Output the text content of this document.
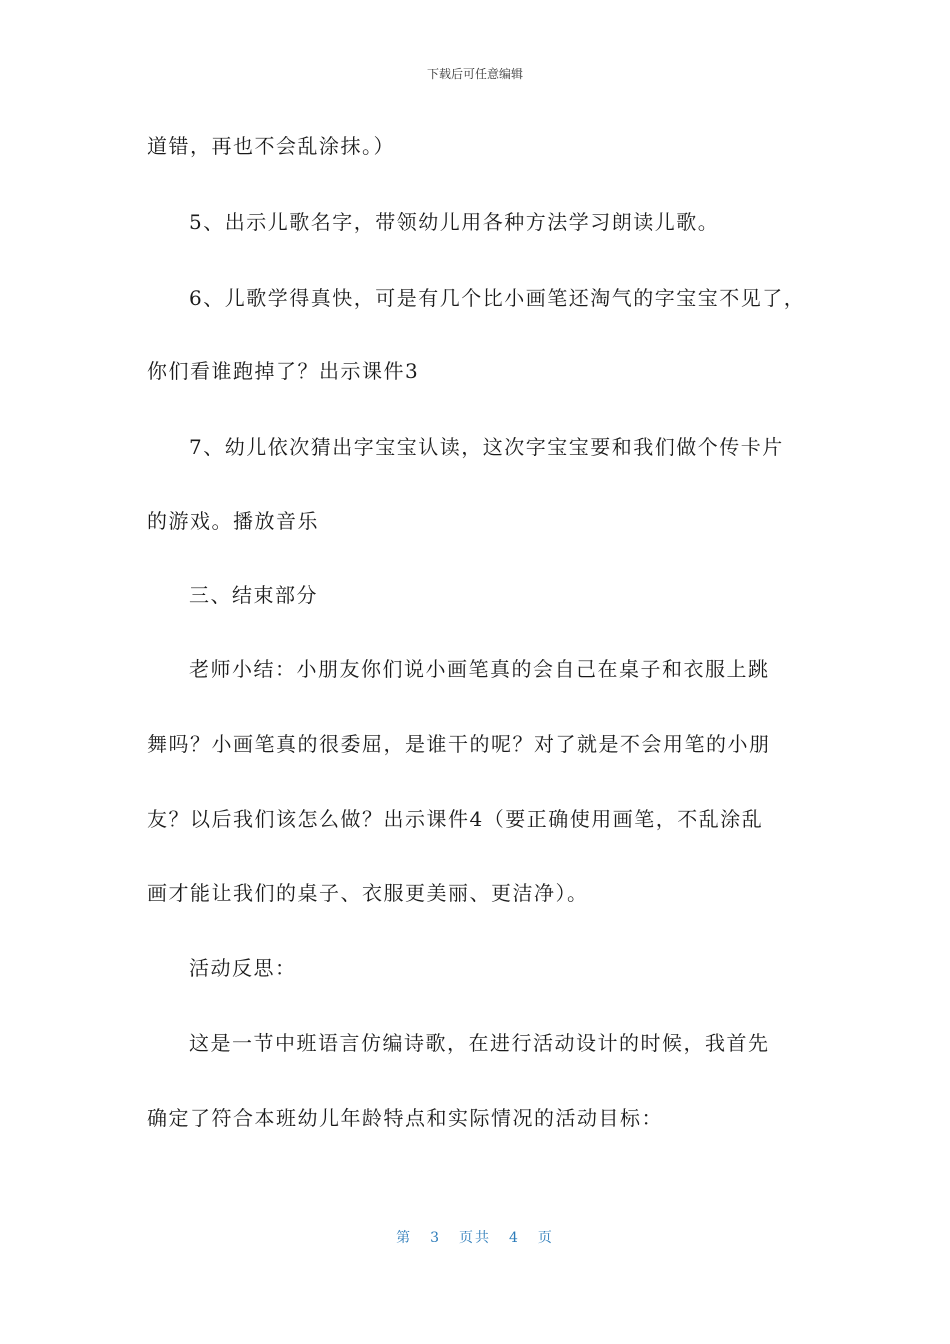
下载后可任意编辑
道错，再也不会乱涂抹。）
5、出示儿歌名字，带领幼儿用各种方法学习朗读儿歌。
6、儿歌学得真快，可是有几个比小画笔还淘气的字宝宝不见了，
你们看谁跑掉了？出示课件3
7、幼儿依次猜出字宝宝认读，这次字宝宝要和我们做个传卡片
的游戏。播放音乐
三、结束部分
老师小结：小朋友你们说小画笔真的会自己在桌子和衣服上跳
舞吗？小画笔真的很委屈，是谁干的呢？对了就是不会用笔的小朋
友？以后我们该怎么做？出示课件4（要正确使用画笔，不乱涂乱
画才能让我们的桌子、衣服更美丽、更洁净）。
活动反思：
这是一节中班语言仿编诗歌，在进行活动设计的时候，我首先
确定了符合本班幼儿年龄特点和实际情况的活动目标：
第 3 页共 4 页
